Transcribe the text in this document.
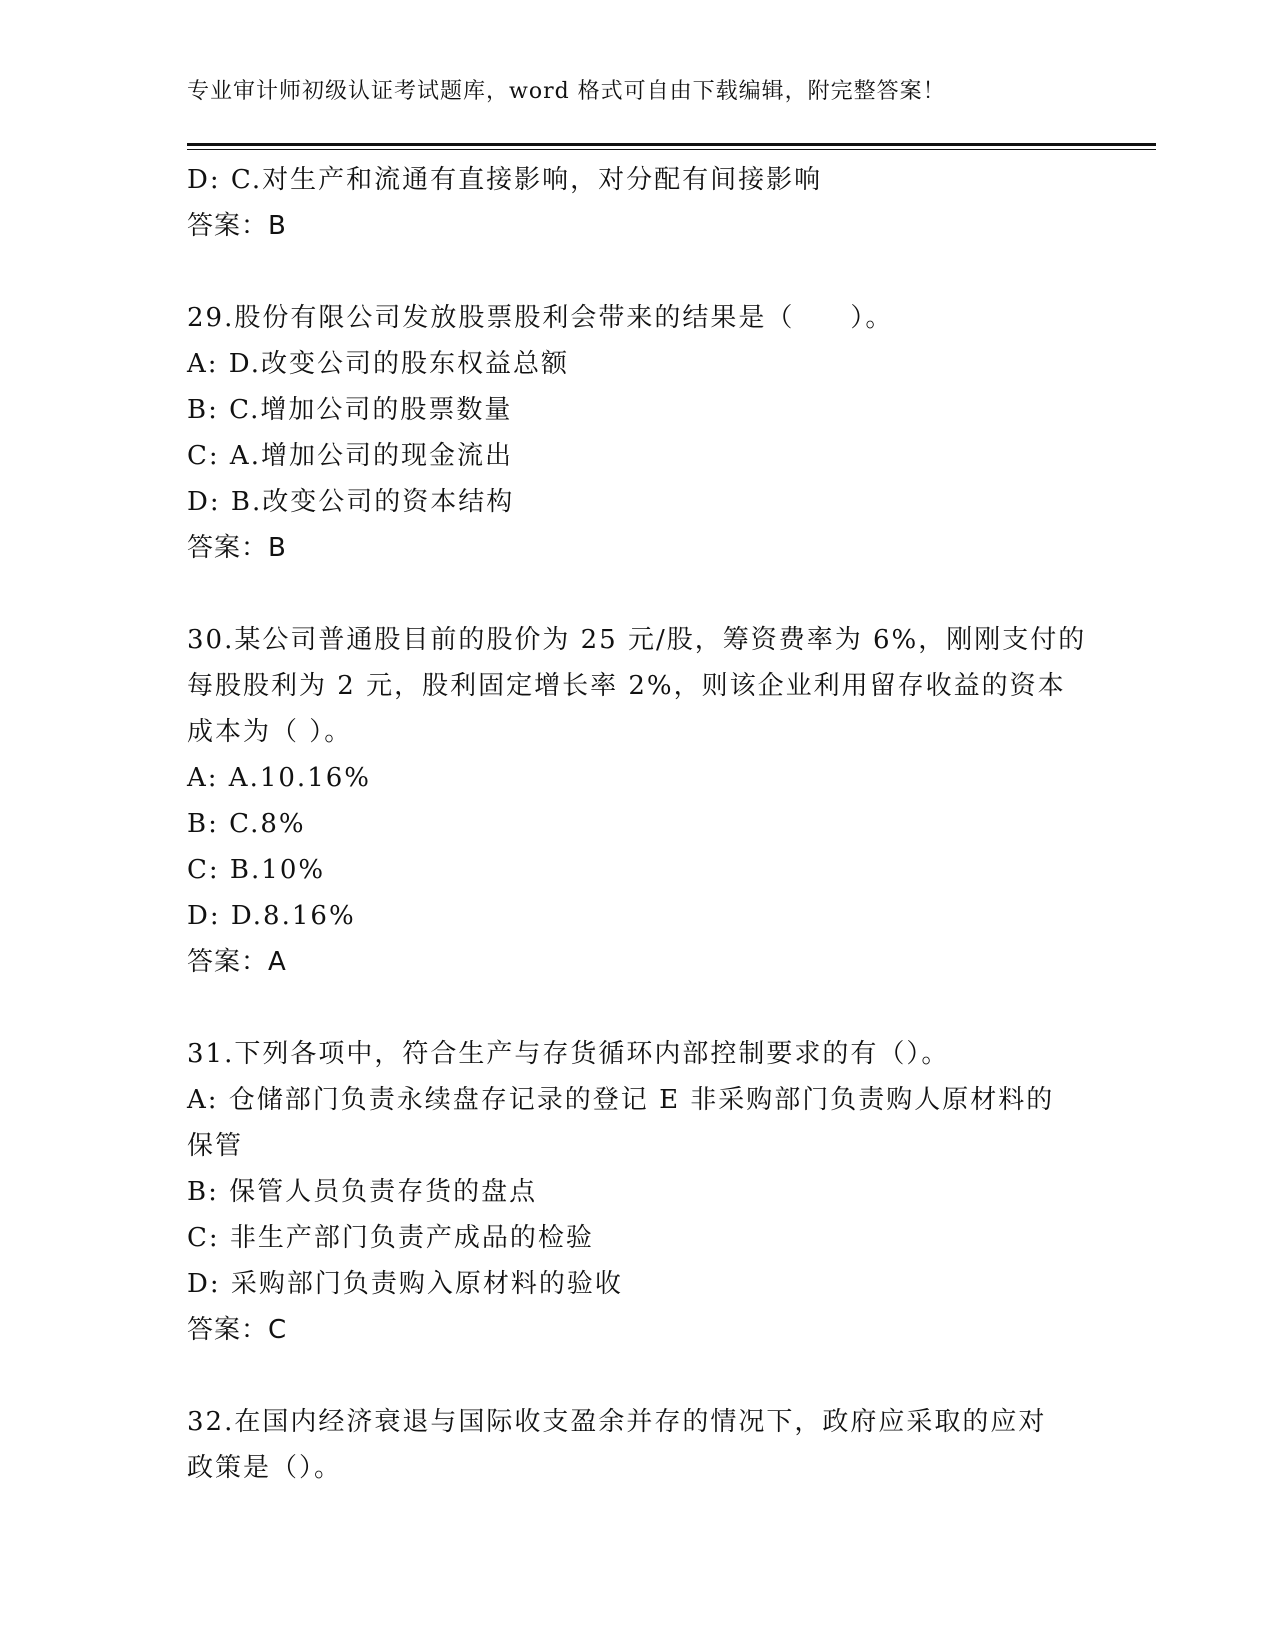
专业审计师初级认证考试题库，word 格式可自由下载编辑，附完整答案！
D: C.对生产和流通有直接影响，对分配有间接影响
答案：B
29.股份有限公司发放股票股利会带来的结果是（　　）。
A: D.改变公司的股东权益总额
B: C.增加公司的股票数量
C: A.增加公司的现金流出
D: B.改变公司的资本结构
答案：B
30.某公司普通股目前的股价为 25 元/股，筹资费率为 6%，刚刚支付的
每股股利为 2 元，股利固定增长率 2%，则该企业利用留存收益的资本
成本为（ ）。
A: A.10.16%
B: C.8%
C: B.10%
D: D.8.16%
答案：A
31.下列各项中，符合生产与存货循环内部控制要求的有（）。
A: 仓储部门负责永续盘存记录的登记 E 非采购部门负责购人原材料的
保管
B: 保管人员负责存货的盘点
C: 非生产部门负责产成品的检验
D: 采购部门负责购入原材料的验收
答案：C
32.在国内经济衰退与国际收支盈余并存的情况下，政府应采取的应对
政策是（）。
